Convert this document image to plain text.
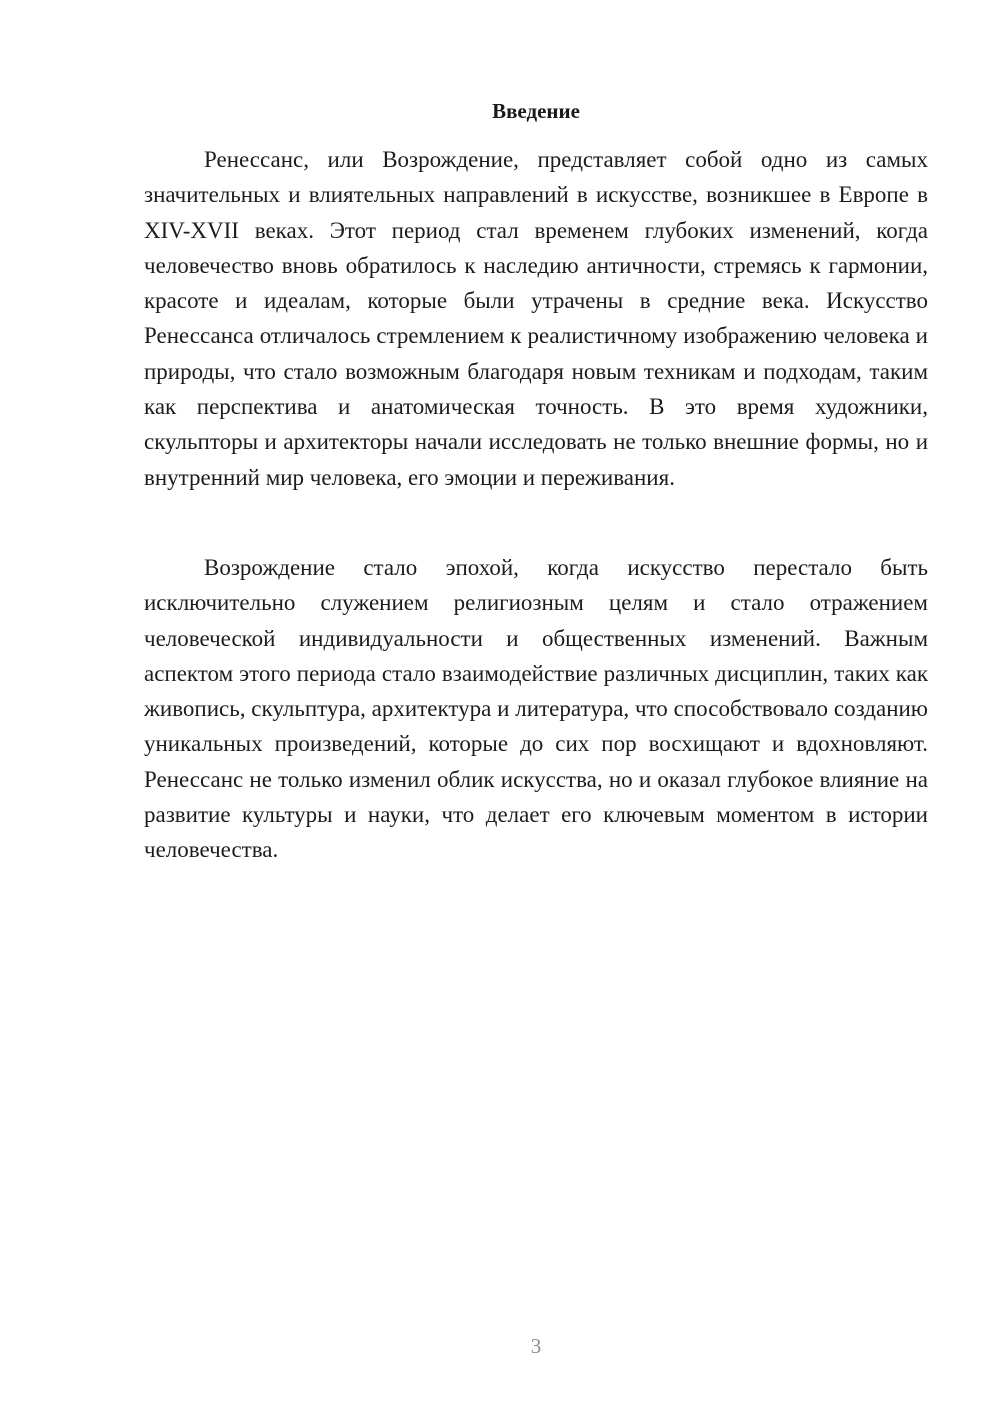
Введение

Ренессанс, или Возрождение, представляет собой одно из самых значительных и влиятельных направлений в искусстве, возникшее в Европе в XIV-XVII веках. Этот период стал временем глубоких изменений, когда человечество вновь обратилось к наследию античности, стремясь к гармонии, красоте и идеалам, которые были утрачены в средние века. Искусство Ренессанса отличалось стремлением к реалистичному изображению человека и природы, что стало возможным благодаря новым техникам и подходам, таким как перспектива и анатомическая точность. В это время художники, скульпторы и архитекторы начали исследовать не только внешние формы, но и внутренний мир человека, его эмоции и переживания.

Возрождение стало эпохой, когда искусство перестало быть исключительно служением религиозным целям и стало отражением человеческой индивидуальности и общественных изменений. Важным аспектом этого периода стало взаимодействие различных дисциплин, таких как живопись, скульптура, архитектура и литература, что способствовало созданию уникальных произведений, которые до сих пор восхищают и вдохновляют. Ренессанс не только изменил облик искусства, но и оказал глубокое влияние на развитие культуры и науки, что делает его ключевым моментом в истории человечества.

3
